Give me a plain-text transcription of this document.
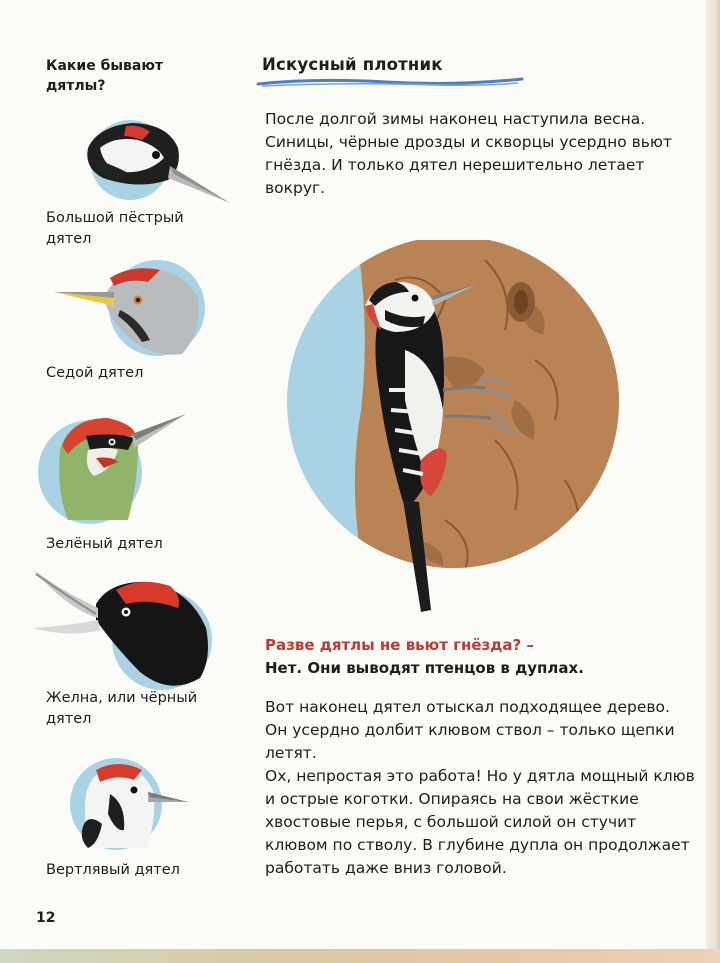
Какие бывают дятлы?
Большой пёстрый дятел
Седой дятел
Зелёный дятел
Желна, или чёрный дятел
Вертлявый дятел
Искусный плотник
После долгой зимы наконец наступила весна. Синицы, чёрные дрозды и скворцы усердно вьют гнёзда. И только дятел нерешительно летает вокруг.
Разве дятлы не вьют гнёзда? –
Нет. Они выводят птенцов в дуплах.
Вот наконец дятел отыскал подходящее дерево. Он усердно долбит клювом ствол – только щепки летят.
Ох, непростая это работа! Но у дятла мощный клюв и острые коготки. Опираясь на свои жёсткие хвостовые перья, с большой силой он стучит клювом по стволу. В глубине дупла он продолжает работать даже вниз головой.
12
